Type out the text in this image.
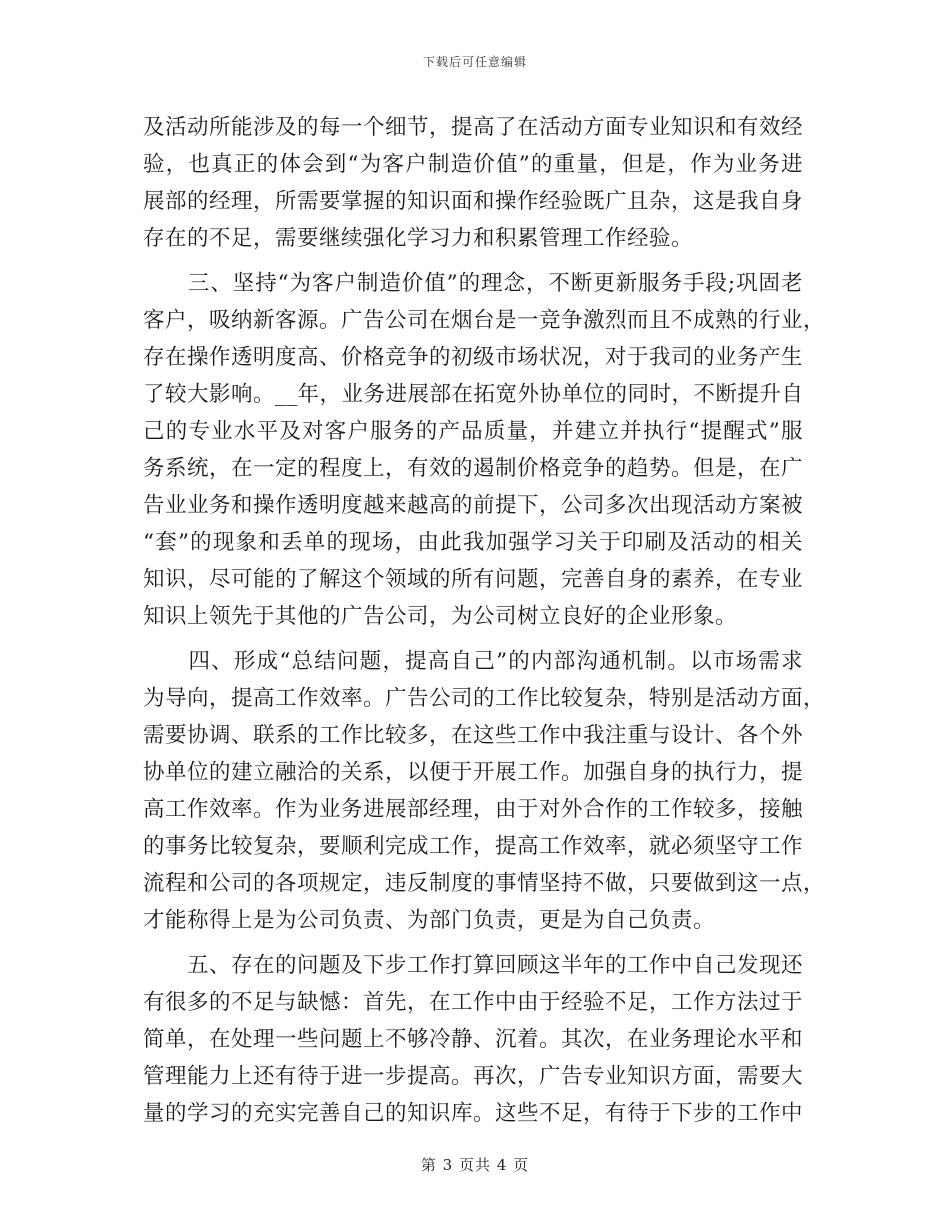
下载后可任意编辑
及活动所能涉及的每一个细节，提高了在活动方面专业知识和有效经
验，也真正的体会到“为客户制造价值”的重量，但是，作为业务进
展部的经理，所需要掌握的知识面和操作经验既广且杂，这是我自身
存在的不足，需要继续强化学习力和积累管理工作经验。
　　三、坚持“为客户制造价值”的理念，不断更新服务手段;巩固老
客户，吸纳新客源。广告公司在烟台是一竞争激烈而且不成熟的行业，
存在操作透明度高、价格竞争的初级市场状况，对于我司的业务产生
了较大影响。__年，业务进展部在拓宽外协单位的同时，不断提升自
己的专业水平及对客户服务的产品质量，并建立并执行“提醒式”服
务系统，在一定的程度上，有效的遏制价格竞争的趋势。但是，在广
告业业务和操作透明度越来越高的前提下，公司多次出现活动方案被
“套”的现象和丢单的现场，由此我加强学习关于印刷及活动的相关
知识，尽可能的了解这个领域的所有问题，完善自身的素养，在专业
知识上领先于其他的广告公司，为公司树立良好的企业形象。
　　四、形成“总结问题，提高自己”的内部沟通机制。以市场需求
为导向，提高工作效率。广告公司的工作比较复杂，特别是活动方面，
需要协调、联系的工作比较多，在这些工作中我注重与设计、各个外
协单位的建立融洽的关系，以便于开展工作。加强自身的执行力，提
高工作效率。作为业务进展部经理，由于对外合作的工作较多，接触
的事务比较复杂，要顺利完成工作，提高工作效率，就必须坚守工作
流程和公司的各项规定，违反制度的事情坚持不做，只要做到这一点，
才能称得上是为公司负责、为部门负责，更是为自己负责。
　　五、存在的问题及下步工作打算回顾这半年的工作中自己发现还
有很多的不足与缺憾：首先，在工作中由于经验不足，工作方法过于
简单，在处理一些问题上不够冷静、沉着。其次，在业务理论水平和
管理能力上还有待于进一步提高。再次，广告专业知识方面，需要大
量的学习的充实完善自己的知识库。这些不足，有待于下步的工作中
第 3 页共 4 页
